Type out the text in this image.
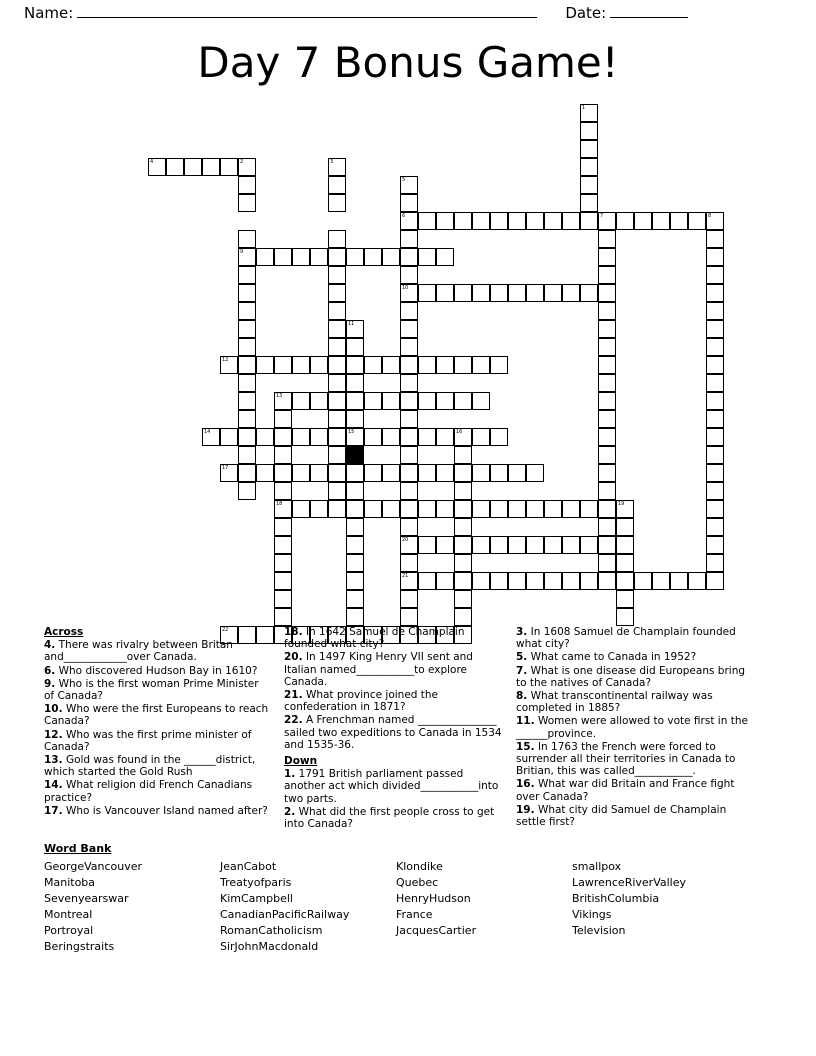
Name:	Date:
Day 7 Bonus Game!
1
4	2	3
5
6	7	8
9
10
11
12
13
14	15	16
17
18	19
20
21
22
Across
4. There was rivalry between Britan and____________over Canada.
6. Who discovered Hudson Bay in 1610?
9. Who is the first woman Prime Minister of Canada?
10. Who were the first Europeans to reach Canada?
12. Who was the first prime minister of Canada?
13. Gold was found in the ______district, which started the Gold Rush
14. What religion did French Canadians practice?
17. Who is Vancouver Island named after?
18. In 1642 Samuel de Champlain founded what city?
20. In 1497 King Henry VII sent and Italian named___________to explore Canada.
21. What province joined the confederation in 1871?
22. A Frenchman named _______________ sailed two expeditions to Canada in 1534 and 1535-36.
Down
1. 1791 British parliament passed another act which divided___________into two parts.
2. What did the first people cross to get into Canada?
3. In 1608 Samuel de Champlain founded what city?
5. What came to Canada in 1952?
7. What is one disease did Europeans bring to the natives of Canada?
8. What transcontinental railway was completed in 1885?
11. Women were allowed to vote first in the ______province.
15. In 1763 the French were forced to surrender all their territories in Canada to Britian, this was called___________.
16. What war did Britain and France fight over Canada?
19. What city did Samuel de Champlain settle first?
Word Bank
GeorgeVancouver
Manitoba
Sevenyearswar
Montreal
Portroyal
Beringstraits
JeanCabot
Treatyofparis
KimCampbell
CanadianPacificRailway
RomanCatholicism
SirJohnMacdonald
Klondike
Quebec
HenryHudson
France
JacquesCartier
smallpox
LawrenceRiverValley
BritishColumbia
Vikings
Television
